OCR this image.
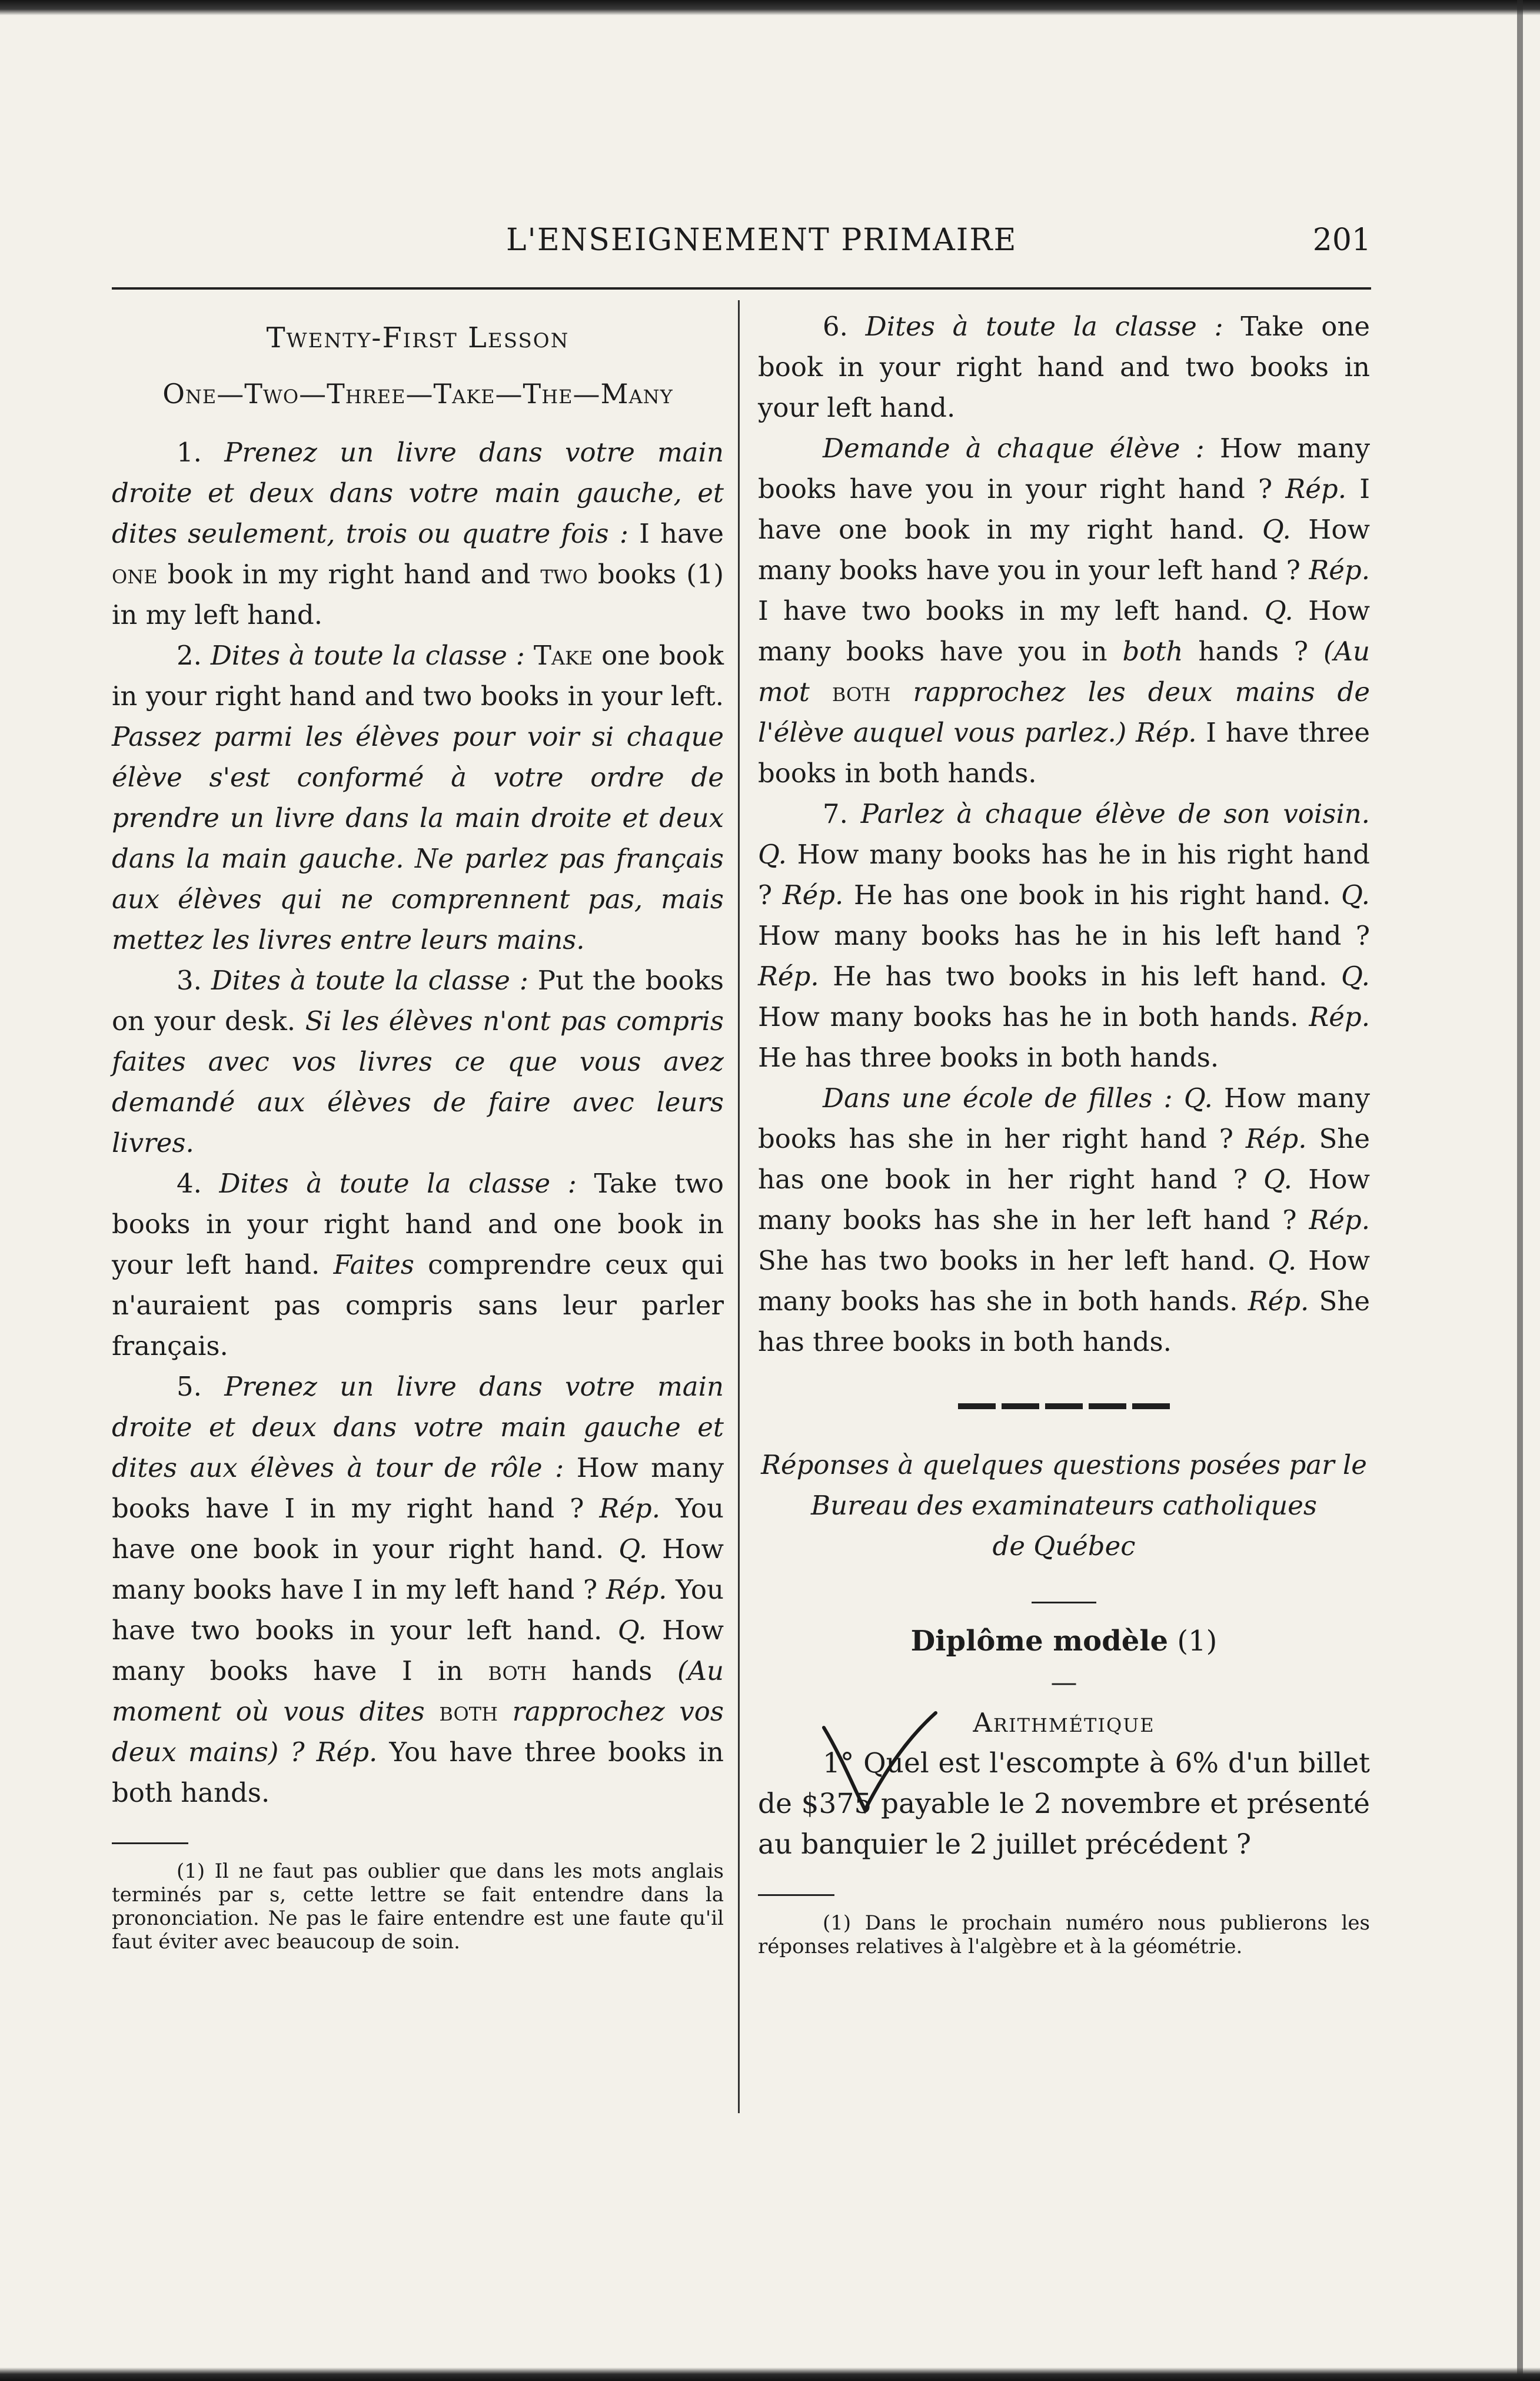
L'ENSEIGNEMENT PRIMAIRE	201
Twenty-First Lesson
One—Two—Three—Take—The—Many

1. Prenez un livre dans votre main droite et deux dans votre main gauche, et dites seulement, trois ou quatre fois : I have one book in my right hand and two books (1) in my left hand.

2. Dites à toute la classe : Take one book in your right hand and two books in your left. Passez parmi les élèves pour voir si chaque élève s'est conformé à votre ordre de prendre un livre dans la main droite et deux dans la main gauche. Ne parlez pas français aux élèves qui ne comprennent pas, mais mettez les livres entre leurs mains.

3. Dites à toute la classe : Put the books on your desk. Si les élèves n'ont pas compris faites avec vos livres ce que vous avez demandé aux élèves de faire avec leurs livres.

4. Dites à toute la classe : Take two books in your right hand and one book in your left hand. Faites comprendre ceux qui n'auraient pas compris sans leur parler français.

5. Prenez un livre dans votre main droite et deux dans votre main gauche et dites aux élèves à tour de rôle : How many books have I in my right hand ? Rép. You have one book in your right hand. Q. How many books have I in my left hand ? Rép. You have two books in your left hand. Q. How many books have I in both hands (Au moment où vous dites both rapprochez vos deux mains) ? Rép. You have three books in both hands.

(1) Il ne faut pas oublier que dans les mots anglais terminés par s, cette lettre se fait entendre dans la prononciation. Ne pas le faire entendre est une faute qu'il faut éviter avec beaucoup de soin.

6. Dites à toute la classe : Take one book in your right hand and two books in your left hand.

Demande à chaque élève : How many books have you in your right hand ? Rép. I have one book in my right hand. Q. How many books have you in your left hand ? Rép. I have two books in my left hand. Q. How many books have you in both hands ? (Au mot both rapprochez les deux mains de l'élève auquel vous parlez.) Rép. I have three books in both hands.

7. Parlez à chaque élève de son voisin. Q. How many books has he in his right hand ? Rép. He has one book in his right hand. Q. How many books has he in his left hand ? Rép. He has two books in his left hand. Q. How many books has he in both hands. Rép. He has three books in both hands.

Dans une école de filles : Q. How many books has she in her right hand ? Rép. She has one book in her right hand ? Q. How many books has she in her left hand ? Rép. She has two books in her left hand. Q. How many books has she in both hands. Rép. She has three books in both hands.

Réponses à quelques questions posées par le

Bureau des examinateurs catholiques

de Québec

Diplôme modèle (1)

—

Arithmétique

1° Quel est l'escompte à 6% d'un billet de $375 payable le 2 novembre et présenté au banquier le 2 juillet précédent ?

(1) Dans le prochain numéro nous publierons les réponses relatives à l'algèbre et à la géométrie.
